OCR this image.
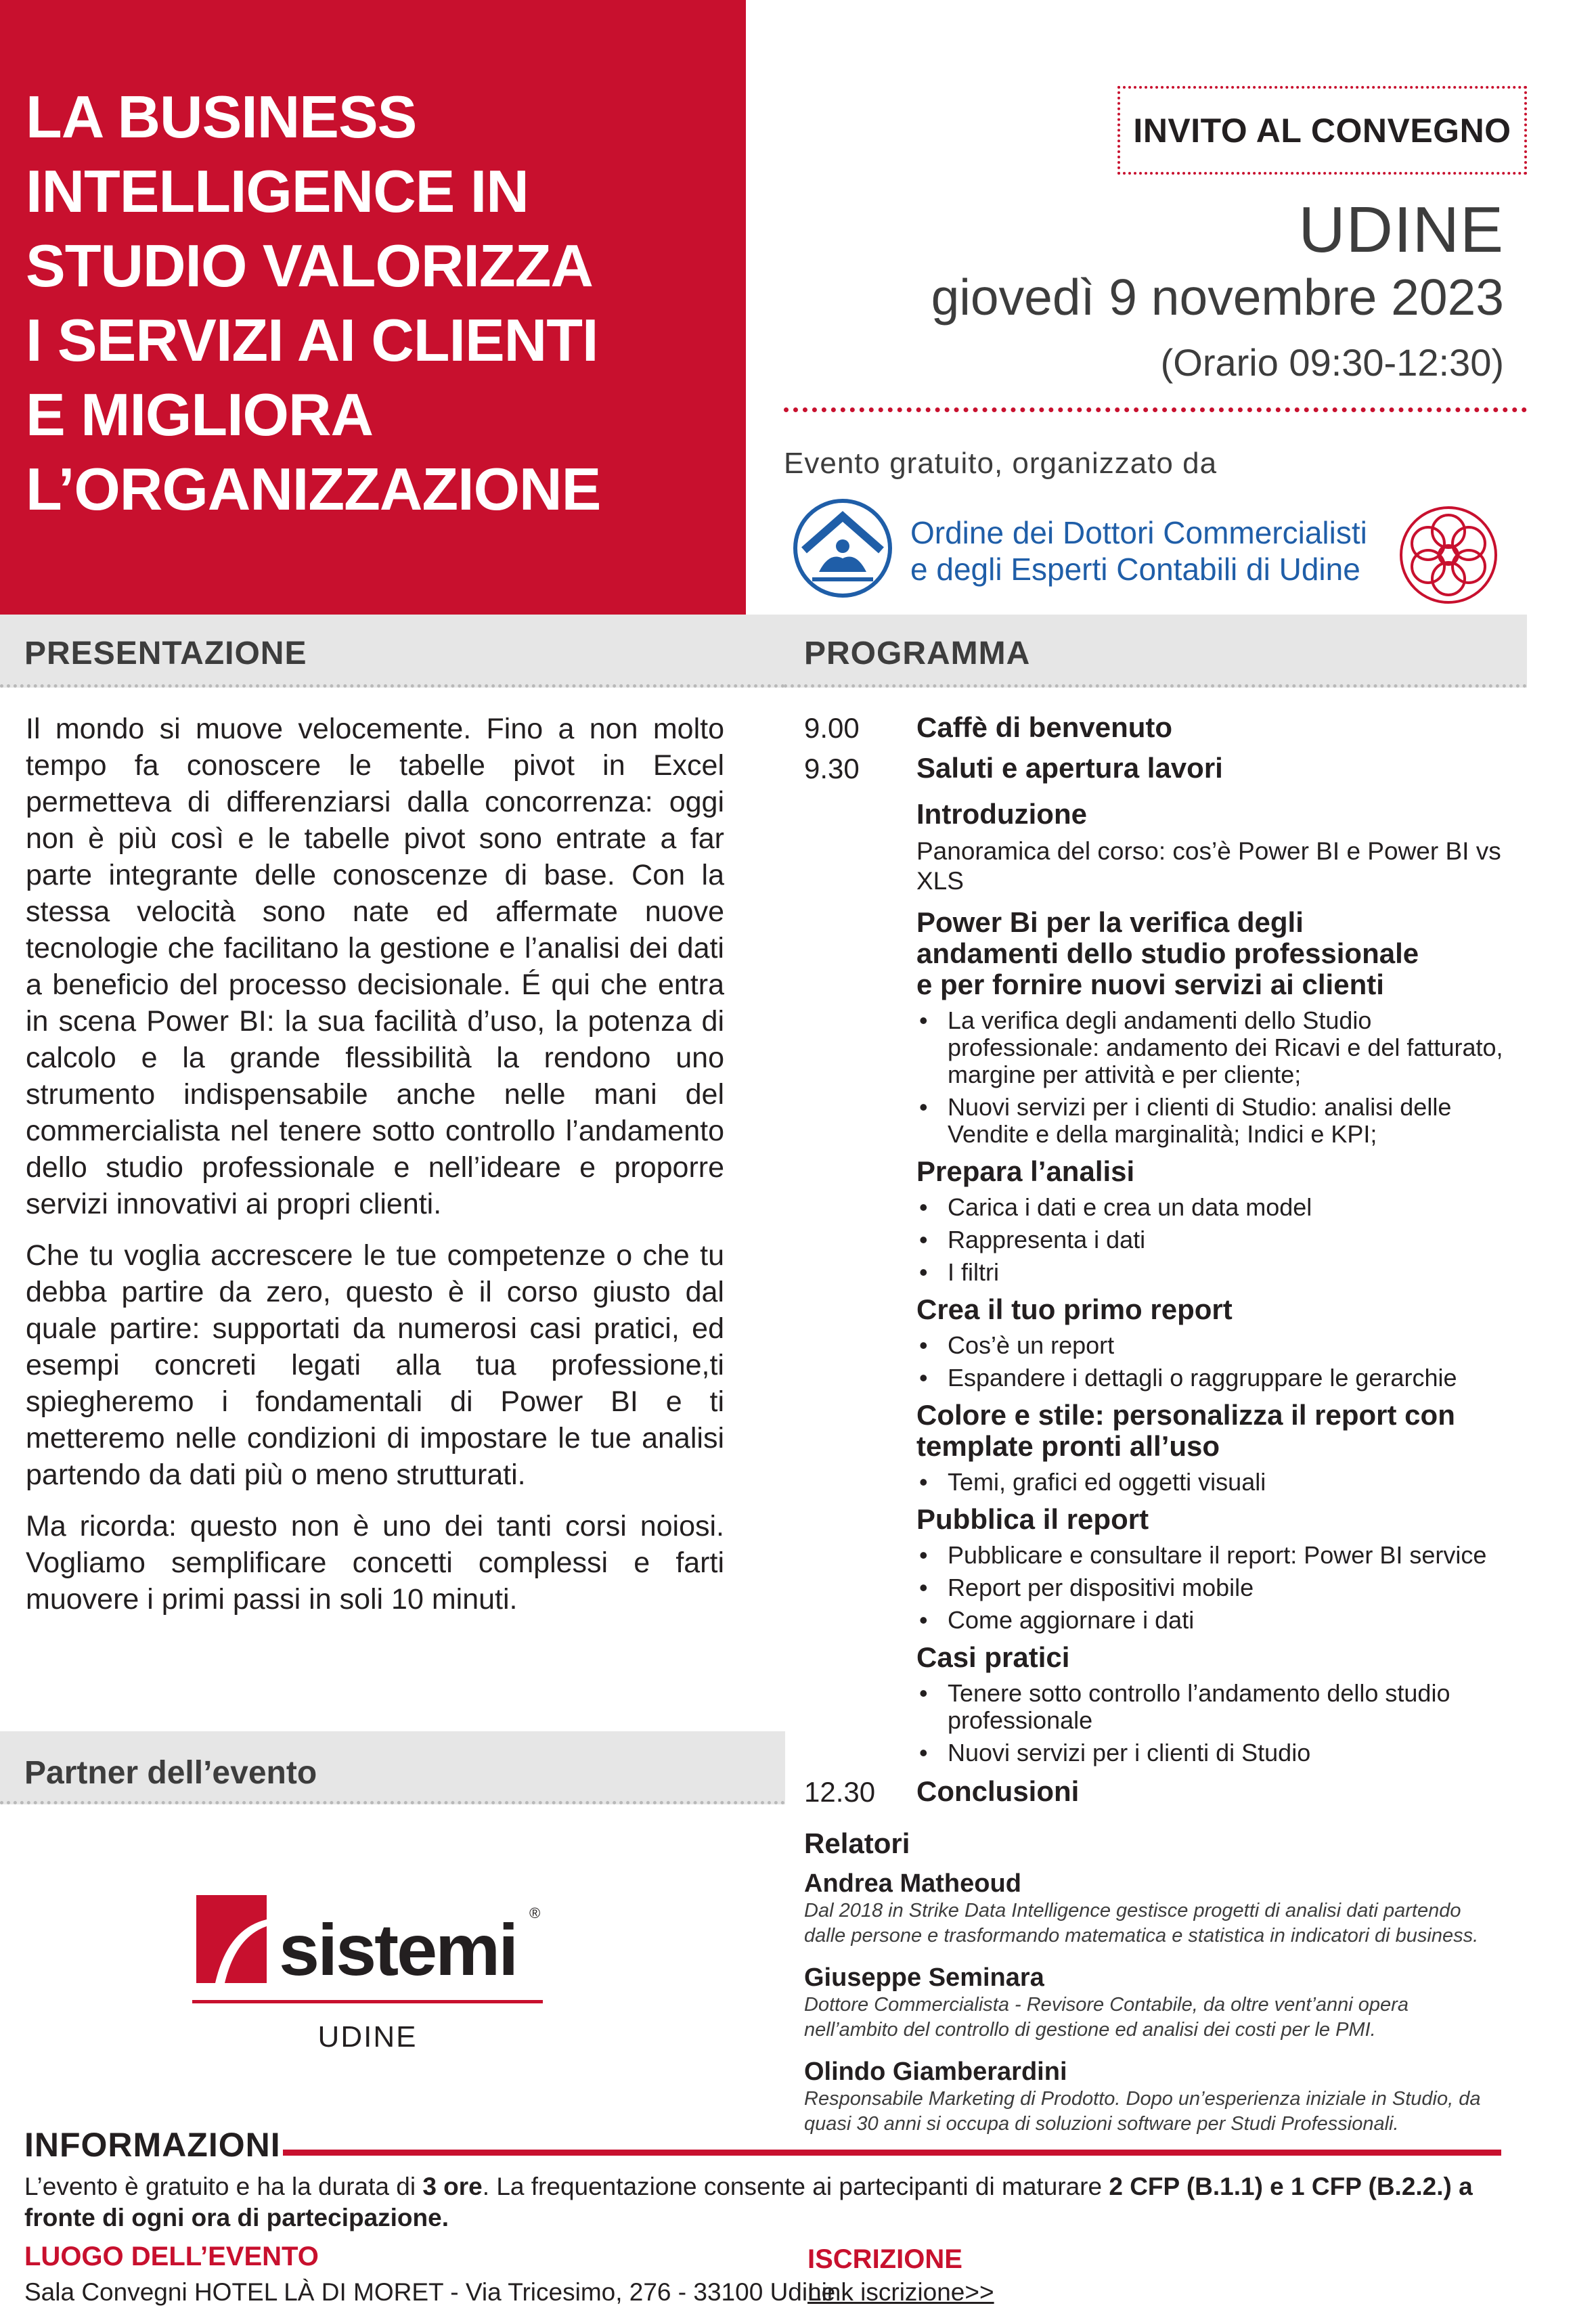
LA BUSINESS
INTELLIGENCE IN
STUDIO VALORIZZA
I SERVIZI AI CLIENTI
E MIGLIORA
L’ORGANIZZAZIONE
INVITO AL CONVEGNO
UDINE
giovedì 9 novembre 2023
(Orario 09:30-12:30)
Evento gratuito, organizzato da
Ordine dei Dottori Commercialisti
e degli Esperti Contabili di Udine
PRESENTAZIONE	PROGRAMMA

Il mondo si muove velocemente. Fino a non molto tempo fa conoscere le tabelle pivot in Excel permetteva di differenziarsi dalla concorrenza: oggi non è più così e le tabelle pivot sono entrate a far parte integrante delle conoscenze di base. Con la stessa velocità sono nate ed affermate nuove tecnologie che facilitano la gestione e l’analisi dei dati a beneficio del processo decisionale. É qui che entra in scena Power BI: la sua facilità d’uso, la potenza di calcolo e la grande flessibilità la rendono uno strumento indispensabile anche nelle mani del commercialista nel tenere sotto controllo l’andamento dello studio professionale e nell’ideare e proporre servizi innovativi ai propri clienti.

Che tu voglia accrescere le tue competenze o che tu debba partire da zero, questo è il corso giusto dal quale partire: supportati da numerosi casi pratici, ed esempi concreti legati alla tua professione,ti spiegheremo i fondamentali di Power BI e ti metteremo nelle condizioni di impostare le tue analisi partendo da dati più o meno strutturati.

Ma ricorda: questo non è uno dei tanti corsi noiosi. Vogliamo semplificare concetti complessi e farti muovere i primi passi in soli 10 minuti.

Partner dell’evento
sistemi ®
UDINE
9.00 Caffè di benvenuto
9.30 Saluti e apertura lavori
Introduzione
Panoramica del corso: cos’è Power BI e Power BI vs XLS
Power Bi per la verifica degli andamenti dello studio professionale e per fornire nuovi servizi ai clienti
• La verifica degli andamenti dello Studio professionale: andamento dei Ricavi e del fatturato, margine per attività e per cliente;
• Nuovi servizi per i clienti di Studio: analisi delle Vendite e della marginalità; Indici e KPI;
Prepara l’analisi
• Carica i dati e crea un data model
• Rappresenta i dati
• I filtri
Crea il tuo primo report
• Cos’è un report
• Espandere i dettagli o raggruppare le gerarchie
Colore e stile: personalizza il report con template pronti all’uso
• Temi, grafici ed oggetti visuali
Pubblica il report
• Pubblicare e consultare il report: Power BI service
• Report per dispositivi mobile
• Come aggiornare i dati
Casi pratici
• Tenere sotto controllo l’andamento dello studio professionale
• Nuovi servizi per i clienti di Studio
12.30 Conclusioni
Relatori
Andrea Matheoud
Dal 2018 in Strike Data Intelligence gestisce progetti di analisi dati partendo dalle persone e trasformando matematica e statistica in indicatori di business.
Giuseppe Seminara
Dottore Commercialista - Revisore Contabile, da oltre vent’anni opera nell’ambito del controllo di gestione ed analisi dei costi per le PMI.
Olindo Giamberardini
Responsabile Marketing di Prodotto. Dopo un’esperienza iniziale in Studio, da quasi 30 anni si occupa di soluzioni software per Studi Professionali.
INFORMAZIONI
L’evento è gratuito e ha la durata di 3 ore. La frequentazione consente ai partecipanti di maturare 2 CFP (B.1.1) e 1 CFP (B.2.2.) a fronte di ogni ora di partecipazione.
LUOGO DELL’EVENTO
Sala Convegni HOTEL LÀ DI MORET - Via Tricesimo, 276 - 33100 Udine
ISCRIZIONE
Link iscrizione>>
